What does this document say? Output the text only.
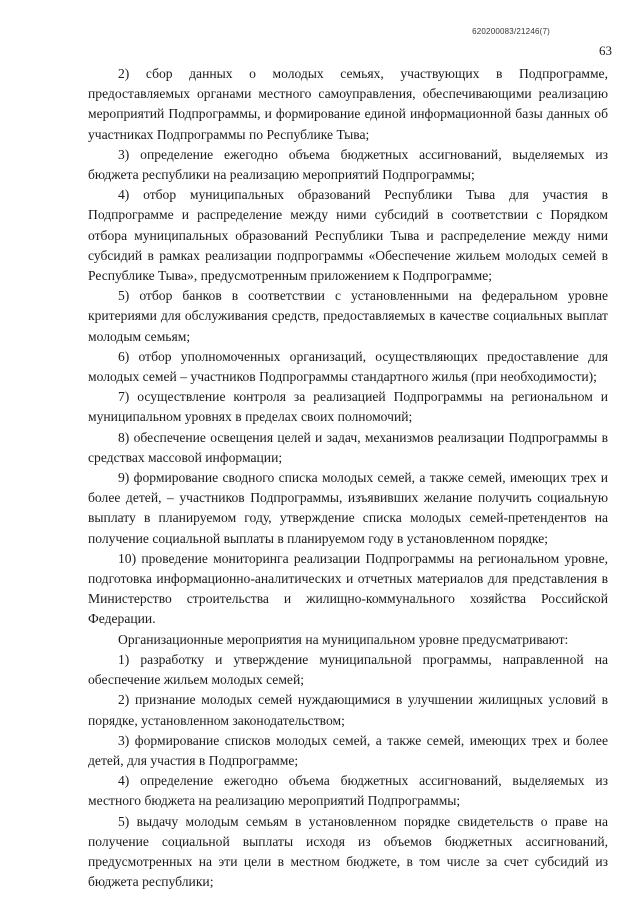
620200083/21246(7)
63

2) сбор данных о молодых семьях, участвующих в Подпрограмме, предоставляемых органами местного самоуправления, обеспечивающими реализацию мероприятий Подпрограммы, и формирование единой информационной базы данных об участниках Подпрограммы по Республике Тыва;

3) определение ежегодно объема бюджетных ассигнований, выделяемых из бюджета республики на реализацию мероприятий Подпрограммы;

4) отбор муниципальных образований Республики Тыва для участия в Подпрограмме и распределение между ними субсидий в соответствии с Порядком отбора муниципальных образований Республики Тыва и распределение между ними субсидий в рамках реализации подпрограммы «Обеспечение жильем молодых семей в Республике Тыва», предусмотренным приложением к Подпрограмме;

5) отбор банков в соответствии с установленными на федеральном уровне критериями для обслуживания средств, предоставляемых в качестве социальных выплат молодым семьям;

6) отбор уполномоченных организаций, осуществляющих предоставление для молодых семей – участников Подпрограммы стандартного жилья (при необходимости);

7) осуществление контроля за реализацией Подпрограммы на региональном и муниципальном уровнях в пределах своих полномочий;

8) обеспечение освещения целей и задач, механизмов реализации Подпрограммы в средствах массовой информации;

9) формирование сводного списка молодых семей, а также семей, имеющих трех и более детей, – участников Подпрограммы, изъявивших желание получить социальную выплату в планируемом году, утверждение списка молодых семей-претендентов на получение социальной выплаты в планируемом году в установленном порядке;

10) проведение мониторинга реализации Подпрограммы на региональном уровне, подготовка информационно-аналитических и отчетных материалов для представления в Министерство строительства и жилищно-коммунального хозяйства Российской Федерации.

Организационные мероприятия на муниципальном уровне предусматривают:

1) разработку и утверждение муниципальной программы, направленной на обеспечение жильем молодых семей;

2) признание молодых семей нуждающимися в улучшении жилищных условий в порядке, установленном законодательством;

3) формирование списков молодых семей, а также семей, имеющих трех и более детей, для участия в Подпрограмме;

4) определение ежегодно объема бюджетных ассигнований, выделяемых из местного бюджета на реализацию мероприятий Подпрограммы;

5) выдачу молодым семьям в установленном порядке свидетельств о праве на получение социальной выплаты исходя из объемов бюджетных ассигнований, предусмотренных на эти цели в местном бюджете, в том числе за счет субсидий из бюджета республики;
